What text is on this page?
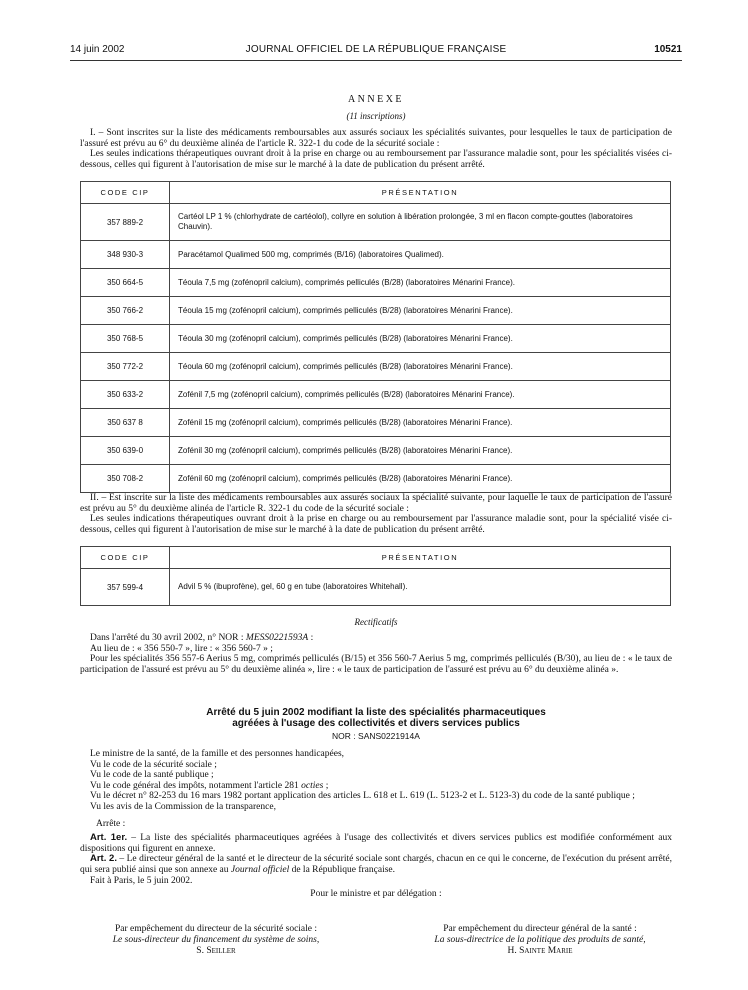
14 juin 2002	JOURNAL OFFICIEL DE LA RÉPUBLIQUE FRANÇAISE	10521
ANNEXE
(11 inscriptions)

I. – Sont inscrites sur la liste des médicaments remboursables aux assurés sociaux les spécialités suivantes, pour lesquelles le taux de participation de l'assuré est prévu au 6° du deuxième alinéa de l'article R. 322-1 du code de la sécurité sociale :

Les seules indications thérapeutiques ouvrant droit à la prise en charge ou au remboursement par l'assurance maladie sont, pour les spécialités visées ci-dessous, celles qui figurent à l'autorisation de mise sur le marché à la date de publication du présent arrêté.

CODE CIP	PRÉSENTATION
357 889-2	Cartéol LP 1 % (chlorhydrate de cartéolol), collyre en solution à libération prolongée, 3 ml en flacon compte-gouttes (laboratoires Chauvin).
348 930-3	Paracétamol Qualimed 500 mg, comprimés (B/16) (laboratoires Qualimed).
350 664-5	Téoula 7,5 mg (zofénopril calcium), comprimés pelliculés (B/28) (laboratoires Ménarini France).
350 766-2	Téoula 15 mg (zofénopril calcium), comprimés pelliculés (B/28) (laboratoires Ménarini France).
350 768-5	Téoula 30 mg (zofénopril calcium), comprimés pelliculés (B/28) (laboratoires Ménarini France).
350 772-2	Téoula 60 mg (zofénopril calcium), comprimés pelliculés (B/28) (laboratoires Ménarini France).
350 633-2	Zofénil 7,5 mg (zofénopril calcium), comprimés pelliculés (B/28) (laboratoires Ménarini France).
350 637 8	Zofénil 15 mg (zofénopril calcium), comprimés pelliculés (B/28) (laboratoires Ménarini France).
350 639-0	Zofénil 30 mg (zofénopril calcium), comprimés pelliculés (B/28) (laboratoires Ménarini France).
350 708-2	Zofénil 60 mg (zofénopril calcium), comprimés pelliculés (B/28) (laboratoires Ménarini France).

II. – Est inscrite sur la liste des médicaments remboursables aux assurés sociaux la spécialité suivante, pour laquelle le taux de participation de l'assuré est prévu au 5° du deuxième alinéa de l'article R. 322-1 du code de la sécurité sociale :

Les seules indications thérapeutiques ouvrant droit à la prise en charge ou au remboursement par l'assurance maladie sont, pour la spécialité visée ci-dessous, celles qui figurent à l'autorisation de mise sur le marché à la date de publication du présent arrêté.

CODE CIP	PRÉSENTATION
357 599-4	Advil 5 % (ibuprofène), gel, 60 g en tube (laboratoires Whitehall).
Rectificatifs

Dans l'arrêté du 30 avril 2002, n° NOR : MESS0221593A :

Au lieu de : « 356 550-7 », lire : « 356 560-7 » ;

Pour les spécialités 356 557-6 Aerius 5 mg, comprimés pelliculés (B/15) et 356 560-7 Aerius 5 mg, comprimés pelliculés (B/30), au lieu de : « le taux de participation de l'assuré est prévu au 5° du deuxième alinéa », lire : « le taux de participation de l'assuré est prévu au 6° du deuxième alinéa ».

Arrêté du 5 juin 2002 modifiant la liste des spécialités pharmaceutiques
agréées à l'usage des collectivités et divers services publics
NOR : SANS0221914A

Le ministre de la santé, de la famille et des personnes handicapées,

Vu le code de la sécurité sociale ;

Vu le code de la santé publique ;

Vu le code général des impôts, notamment l'article 281 octies ;

Vu le décret n° 82-253 du 16 mars 1982 portant application des articles L. 618 et L. 619 (L. 5123-2 et L. 5123-3) du code de la santé publique ;

Vu les avis de la Commission de la transparence,

Arrête :

Art. 1er. – La liste des spécialités pharmaceutiques agréées à l'usage des collectivités et divers services publics est modifiée conformément aux dispositions qui figurent en annexe.

Art. 2. – Le directeur général de la santé et le directeur de la sécurité sociale sont chargés, chacun en ce qui le concerne, de l'exécution du présent arrêté, qui sera publié ainsi que son annexe au Journal officiel de la République française.

Fait à Paris, le 5 juin 2002.

Pour le ministre et par délégation :

Par empêchement du directeur de la sécurité sociale :
Le sous-directeur du financement du système de soins,
S. Seiller
Par empêchement du directeur général de la santé :
La sous-directrice de la politique des produits de santé,
H. Sainte Marie
